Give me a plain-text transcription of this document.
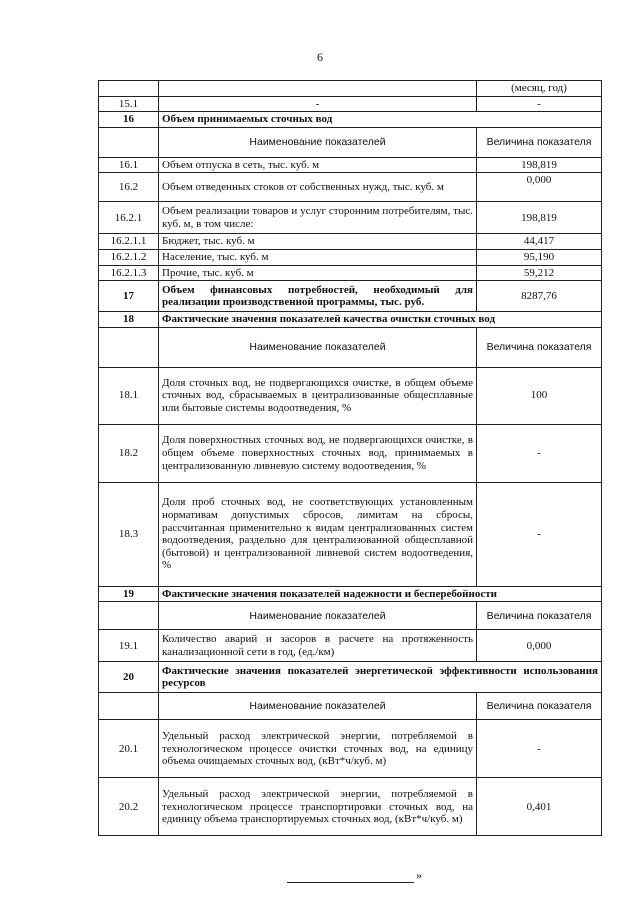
6
		(месяц, год)
15.1	-	-
16	Объем принимаемых сточных вод	
	Наименование показателей	Величина показателя
16.1	Объем отпуска в сеть, тыс. куб. м	198,819
16.2	Объем отведенных стоков от собственных нужд, тыс. куб. м	0,000
16.2.1	Объем реализации товаров и услуг сторонним потребителям, тыс. куб. м, в том числе:	198,819
16.2.1.1	Бюджет, тыс. куб. м	44,417
16.2.1.2	Население, тыс. куб. м	95,190
16.2.1.3	Прочие, тыс. куб. м	59,212
17	Объем финансовых потребностей, необходимый для реализации производственной программы, тыс. руб.	8287,76
18	Фактические значения показателей качества очистки сточных вод	
	Наименование показателей	Величина показателя
18.1	Доля сточных вод, не подвергающихся очистке, в общем объеме сточных вод, сбрасываемых в централизованные общесплавные или бытовые системы водоотведения, %	100
18.2	Доля поверхностных сточных вод, не подвергающихся очистке, в общем объеме поверхностных сточных вод, принимаемых в централизованную ливневую систему водоотведения, %	-
18.3	Доля проб сточных вод, не соответствующих установленным нормативам допустимых сбросов, лимитам на сбросы, рассчитанная применительно к видам централизованных систем водоотведения, раздельно для централизованной общесплавной (бытовой) и централизованной ливневой систем водоотведения, %	-
19	Фактические значения показателей надежности и бесперебойности	
	Наименование показателей	Величина показателя
19.1	Количество аварий и засоров в расчете на протяженность канализационной сети в год, (ед./км)	0,000
20	Фактические значения показателей энергетической эффективности использования ресурсов	
	Наименование показателей	Величина показателя
20.1	Удельный расход электрической энергии, потребляемой в технологическом процессе очистки сточных вод, на единицу объема очищаемых сточных вод, (кВт*ч/куб. м)	-
20.2	Удельный расход электрической энергии, потребляемой в технологическом процессе транспортировки сточных вод, на единицу объема транспортируемых сточных вод, (кВт*ч/куб. м)	0,401
»
